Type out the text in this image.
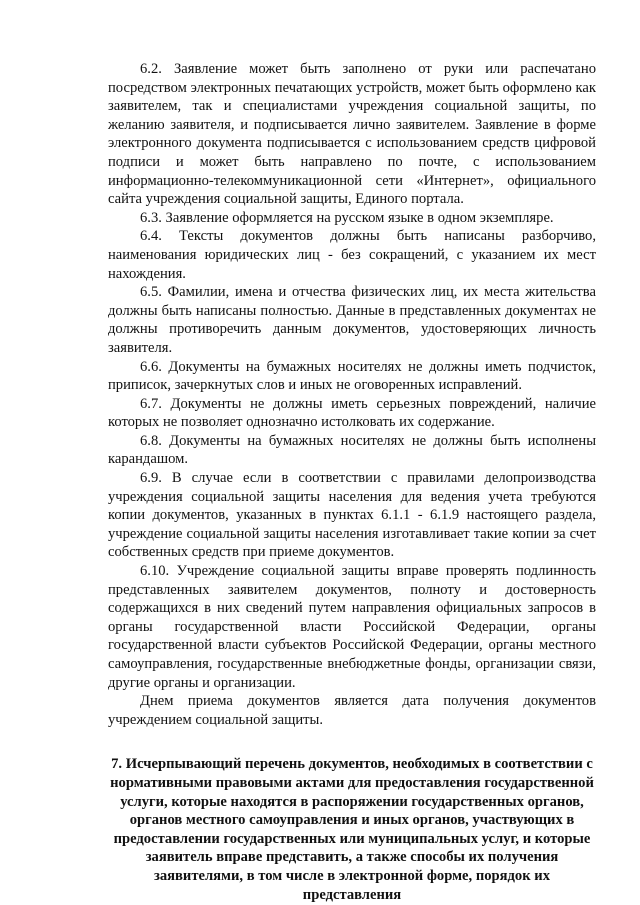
6.2. Заявление может быть заполнено от руки или распечатано посредством электронных печатающих устройств, может быть оформлено как заявителем, так и специалистами учреждения социальной защиты, по желанию заявителя, и подписывается лично заявителем. Заявление в форме электронного документа подписывается с использованием средств цифровой подписи и может быть направлено по почте, с использованием информационно-телекоммуникационной сети «Интернет», официального сайта учреждения социальной защиты, Единого портала.

6.3. Заявление оформляется на русском языке в одном экземпляре.

6.4. Тексты документов должны быть написаны разборчиво, наименования юридических лиц - без сокращений, с указанием их мест нахождения.

6.5. Фамилии, имена и отчества физических лиц, их места жительства должны быть написаны полностью. Данные в представленных документах не должны противоречить данным документов, удостоверяющих личность заявителя.

6.6. Документы на бумажных носителях не должны иметь подчисток, приписок, зачеркнутых слов и иных не оговоренных исправлений.

6.7. Документы не должны иметь серьезных повреждений, наличие которых не позволяет однозначно истолковать их содержание.

6.8. Документы на бумажных носителях не должны быть исполнены карандашом.

6.9. В случае если в соответствии с правилами делопроизводства учреждения социальной защиты населения для ведения учета требуются копии документов, указанных в пунктах 6.1.1 - 6.1.9 настоящего раздела, учреждение социальной защиты населения изготавливает такие копии за счет собственных средств при приеме документов.

6.10. Учреждение социальной защиты вправе проверять подлинность представленных заявителем документов, полноту и достоверность содержащихся в них сведений путем направления официальных запросов в органы государственной власти Российской Федерации, органы государственной власти субъектов Российской Федерации, органы местного самоуправления, государственные внебюджетные фонды, организации связи, другие органы и организации.

Днем приема документов является дата получения документов учреждением социальной защиты.

7. Исчерпывающий перечень документов, необходимых в соответствии с нормативными правовыми актами для предоставления государственной услуги, которые находятся в распоряжении государственных органов, органов местного самоуправления и иных органов, участвующих в предоставлении государственных или муниципальных услуг, и которые заявитель вправе представить, а также способы их получения заявителями, в том числе в электронной форме, порядок их представления
